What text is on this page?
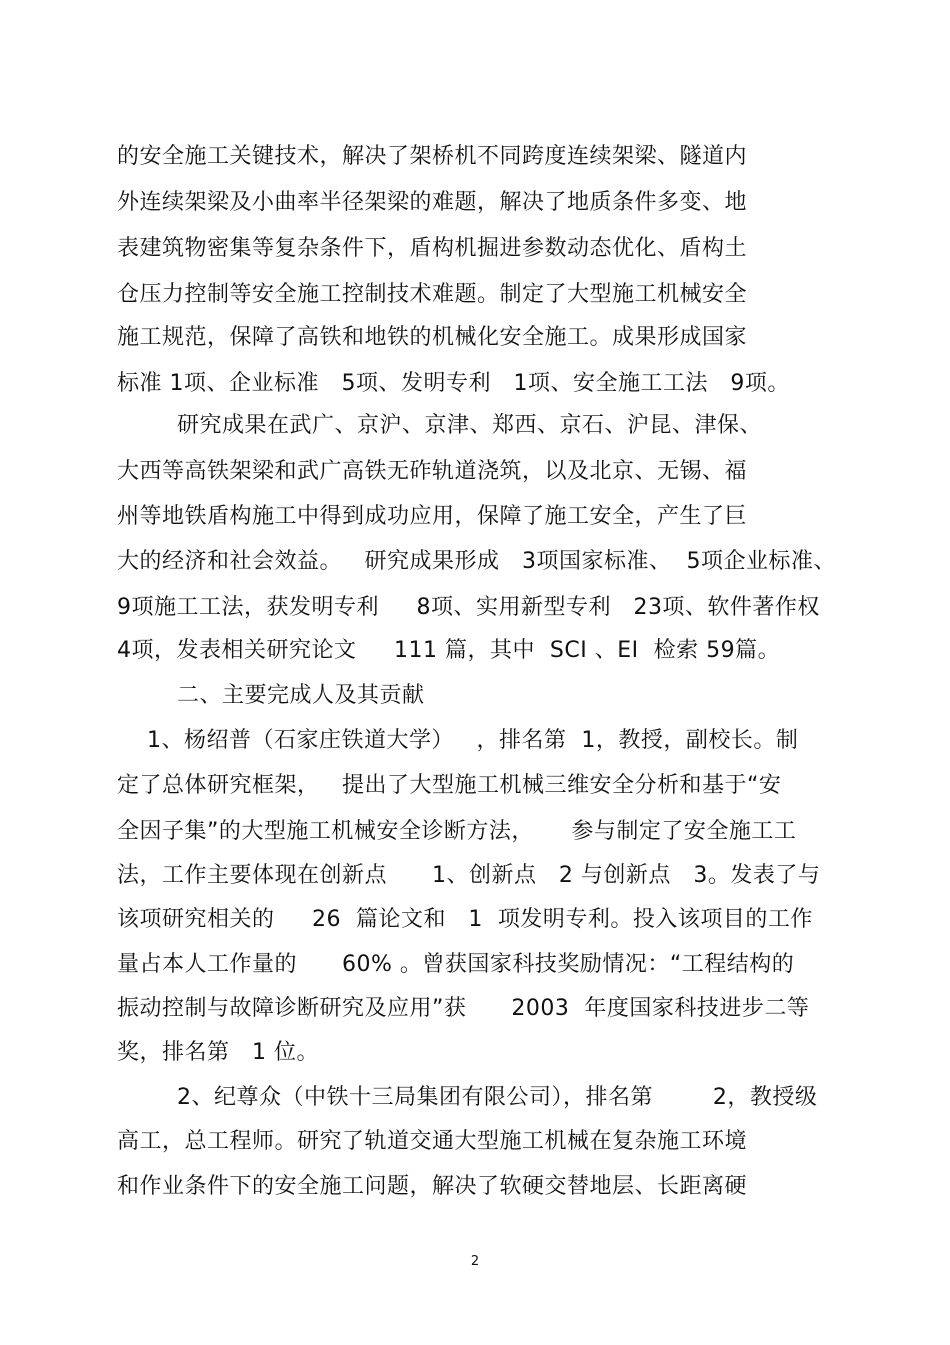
的安全施工关键技术，解决了架桥机不同跨度连续架梁、隧道内
外连续架梁及小曲率半径架梁的难题，解决了地质条件多变、地
表建筑物密集等复杂条件下，盾构机掘进参数动态优化、盾构土
仓压力控制等安全施工控制技术难题。制定了大型施工机械安全
施工规范，保障了高铁和地铁的机械化安全施工。成果形成国家
标准 1项、企业标准   5项、发明专利   1项、安全施工工法   9项。
研究成果在武广、京沪、京津、郑西、京石、沪昆、津保、
大西等高铁架梁和武广高铁无砟轨道浇筑，以及北京、无锡、福
州等地铁盾构施工中得到成功应用，保障了施工安全，产生了巨
大的经济和社会效益。   研究成果形成   3项国家标准、  5项企业标准、
9项施工工法，获发明专利     8项、实用新型专利   23项、软件著作权
4项，发表相关研究论文     111 篇，其中  SCI 、EI  检索 59篇。
二、主要完成人及其贡献
1、杨绍普（石家庄铁道大学）   ，排名第  1，教授，副校长。制
定了总体研究框架，   提出了大型施工机械三维安全分析和基于“安
全因子集”的大型施工机械安全诊断方法，     参与制定了安全施工工
法，工作主要体现在创新点      1、创新点   2 与创新点   3。发表了与
该项研究相关的     26  篇论文和   1  项发明专利。投入该项目的工作
量占本人工作量的      60% 。曾获国家科技奖励情况：“工程结构的
振动控制与故障诊断研究及应用”获      2003  年度国家科技进步二等
奖，排名第   1 位。
2、纪尊众（中铁十三局集团有限公司），排名第        2，教授级
高工，总工程师。研究了轨道交通大型施工机械在复杂施工环境
和作业条件下的安全施工问题，解决了软硬交替地层、长距离硬
2
